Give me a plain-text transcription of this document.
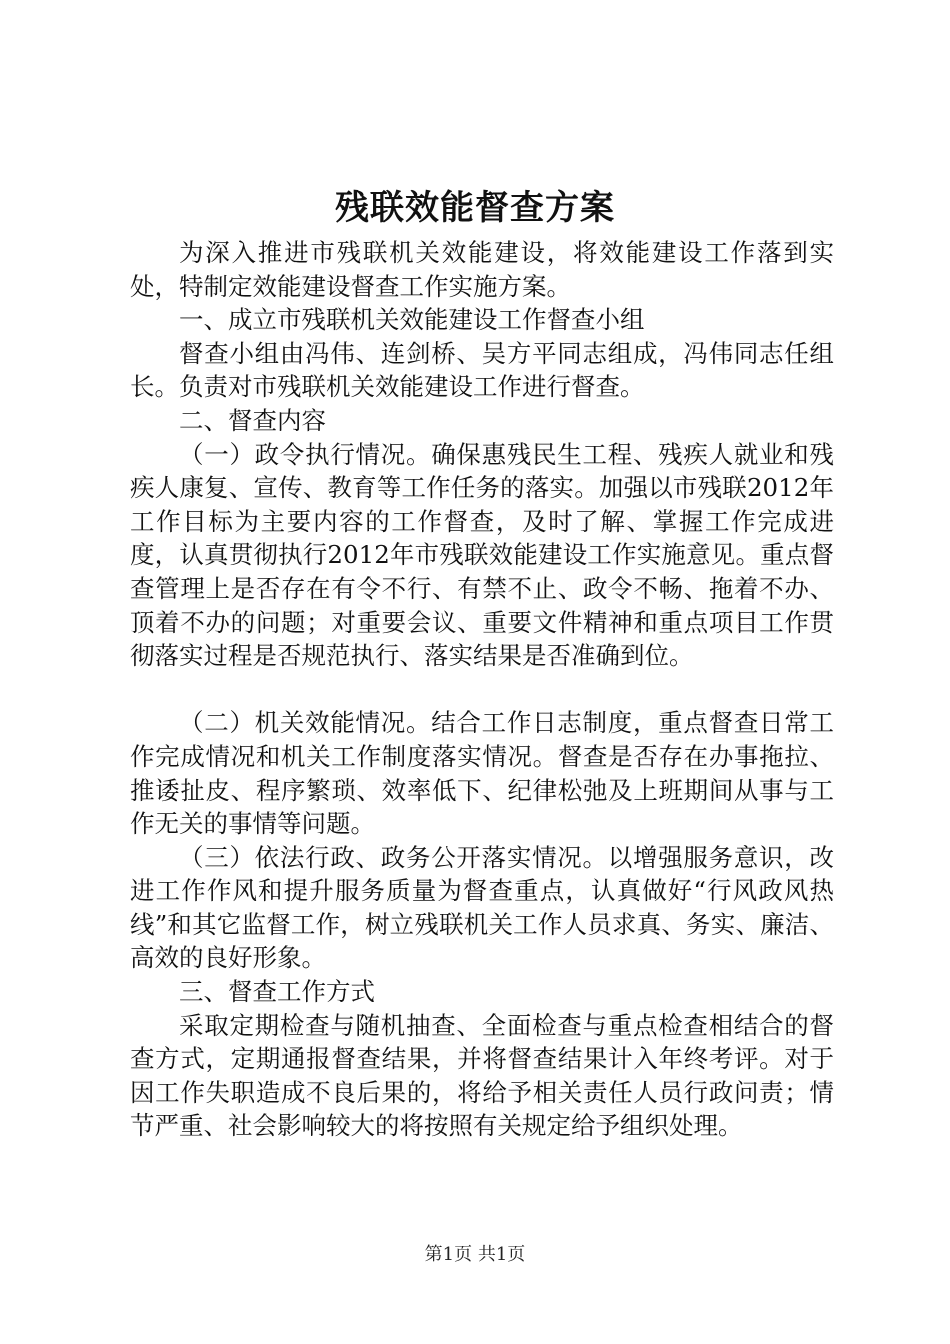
残联效能督查方案

为深入推进市残联机关效能建设，将效能建设工作落到实处，特制定效能建设督查工作实施方案。

一、成立市残联机关效能建设工作督查小组

督查小组由冯伟、连剑桥、吴方平同志组成，冯伟同志任组长。负责对市残联机关效能建设工作进行督查。

二、督查内容

（一）政令执行情况。确保惠残民生工程、残疾人就业和残疾人康复、宣传、教育等工作任务的落实。加强以市残联2012年工作目标为主要内容的工作督查，及时了解、掌握工作完成进度，认真贯彻执行2012年市残联效能建设工作实施意见。重点督查管理上是否存在有令不行、有禁不止、政令不畅、拖着不办、顶着不办的问题；对重要会议、重要文件精神和重点项目工作贯彻落实过程是否规范执行、落实结果是否准确到位。

（二）机关效能情况。结合工作日志制度，重点督查日常工作完成情况和机关工作制度落实情况。督查是否存在办事拖拉、推诿扯皮、程序繁琐、效率低下、纪律松弛及上班期间从事与工作无关的事情等问题。

（三）依法行政、政务公开落实情况。以增强服务意识，改进工作作风和提升服务质量为督查重点，认真做好“行风政风热线”和其它监督工作，树立残联机关工作人员求真、务实、廉洁、高效的良好形象。

三、督查工作方式

采取定期检查与随机抽查、全面检查与重点检查相结合的督查方式，定期通报督查结果，并将督查结果计入年终考评。对于因工作失职造成不良后果的，将给予相关责任人员行政问责；情节严重、社会影响较大的将按照有关规定给予组织处理。

第1页 共1页
